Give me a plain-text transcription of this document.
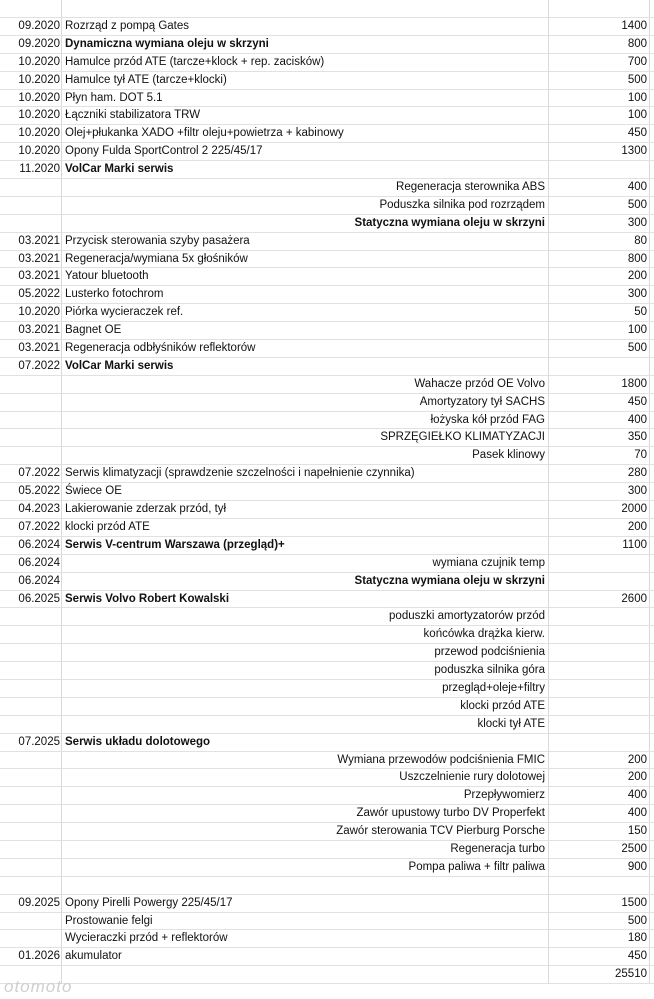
09.2020 Rozrząd z pompą Gates	1400
09.2020 Dynamiczna wymiana oleju w skrzyni	800
10.2020 Hamulce przód ATE (tarcze+klock + rep. zacisków)	700
10.2020 Hamulce tył ATE (tarcze+klocki)	500
10.2020 Płyn ham. DOT 5.1	100
10.2020 Łączniki stabilizatora TRW	100
10.2020 Olej+płukanka XADO +filtr oleju+powietrza + kabinowy	450
10.2020 Opony Fulda SportControl 2 225/45/17	1300
11.2020 VolCar Marki serwis
Regeneracja sterownika ABS	400
Poduszka silnika pod rozrządem	500
Statyczna wymiana oleju w skrzyni	300
03.2021 Przycisk sterowania szyby pasażera	80
03.2021 Regeneracja/wymiana 5x głośników	800
03.2021 Yatour bluetooth	200
05.2022 Lusterko fotochrom	300
10.2020 Piórka wycieraczek ref.	50
03.2021 Bagnet OE	100
03.2021 Regeneracja odbłyśników reflektorów	500
07.2022 VolCar Marki serwis
Wahacze przód OE Volvo	1800
Amortyzatory tył SACHS	450
łożyska kół przód FAG	400
SPRZĘGIEŁKO KLIMATYZACJI	350
Pasek klinowy	70
07.2022 Serwis klimatyzacji (sprawdzenie szczelności i napełnienie czynnika)	280
05.2022 Świece OE	300
04.2023 Lakierowanie zderzak przód, tył	2000
07.2022 klocki przód ATE	200
06.2024 Serwis V-centrum Warszawa (przegląd)+	1100
06.2024	wymiana czujnik temp
06.2024	Statyczna wymiana oleju w skrzyni
06.2025 Serwis Volvo Robert Kowalski	2600
poduszki amortyzatorów przód
końcówka drążka kierw.
przewod podciśnienia
poduszka silnika góra
przegląd+oleje+filtry
klocki przód ATE
klocki tył ATE
07.2025 Serwis układu dolotowego
Wymiana przewodów podciśnienia FMIC	200
Uszczelnienie rury dolotowej	200
Przepływomierz	400
Zawór upustowy turbo DV Properfekt	400
Zawór sterowania TCV Pierburg Porsche	150
Regeneracja turbo	2500
Pompa paliwa + filtr paliwa	900
09.2025 Opony Pirelli Powergy 225/45/17	1500
Prostowanie felgi	500
Wycieraczki przód + reflektorów	180
01.2026 akumulator	450
25510
otomoto
